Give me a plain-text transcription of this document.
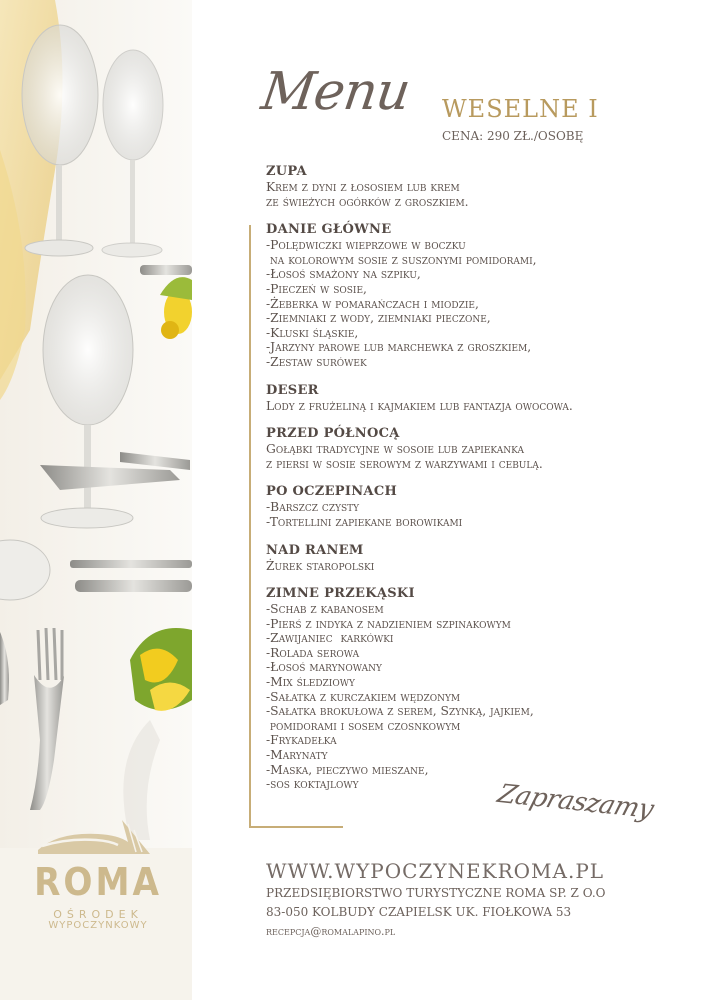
ROMA
OŚRODEK
WYPOCZYNKOWY
Menu WESELNE I
CENA: 290 ZŁ./OSOBĘ
ZUPA
Krem z dyni z łososiem lub krem
ze świeżych ogórków z groszkiem.
DANIE GŁÓWNE
-Polędwiczki wieprzowe w boczku
na kolorowym sosie z suszonymi pomidorami,
-Łosoś smażony na szpiku,
-Pieczeń w sosie,
-Żeberka w pomarańczach i miodzie,
-Ziemniaki z wody, ziemniaki pieczone,
-Kluski śląskie,
-Jarzyny parowe lub marchewka z groszkiem,
-Zestaw surówek
DESER
Lody z frużeliną i kajmakiem lub fantazja owocowa.
PRZED PÓŁNOCĄ
Gołąbki tradycyjne w sosoie lub zapiekanka
z piersi w sosie serowym z warzywami i cebulą.
PO OCZEPINACH
-Barszcz czysty
-Tortellini zapiekane borowikami
NAD RANEM
Żurek staropolski
ZIMNE PRZEKĄSKI
-Schab z kabanosem
-Pierś z indyka z nadzieniem szpinakowym
-Zawijaniec  karkówki
-Rolada serowa
-Łosoś marynowany
-Mix śledziowy
-Sałatka z kurczakiem wędzonym
-Sałatka brokułowa z serem, Szynką, jajkiem,
pomidorami i sosem czosnkowym
-Frykadełka
-Marynaty
-Maska, pieczywo mieszane,
-sos koktajlowy	Zapraszamy
WWW.WYPOCZYNEKROMA.PL
PRZEDSIĘBIORSTWO TURYSTYCZNE ROMA SP. Z O.O
83-050 KOLBUDY CZAPIELSK UK. FIOŁKOWA 53
recepcja@romalapino.pl
